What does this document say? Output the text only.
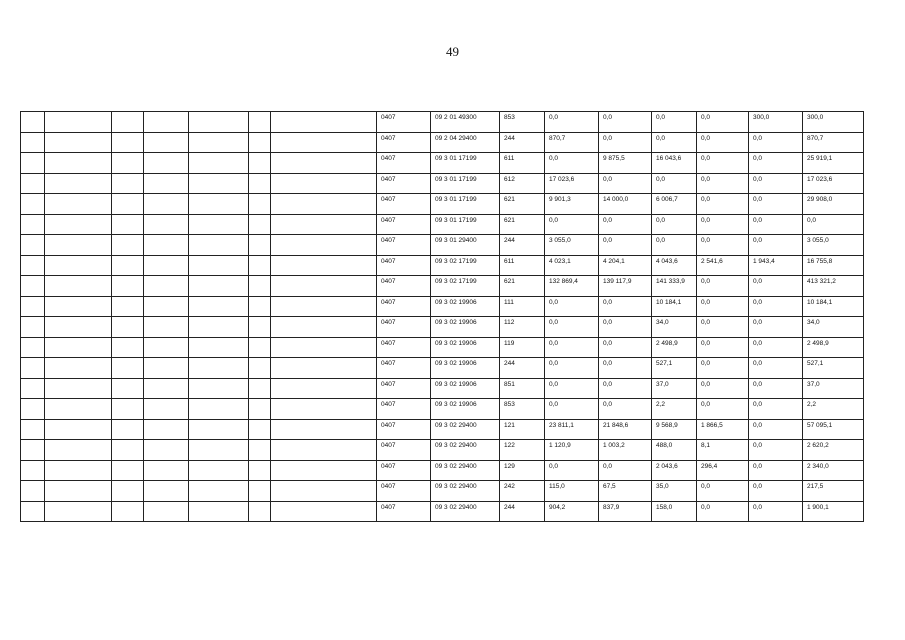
49
							0407	09 2 01 49300	853	0,0	0,0	0,0	0,0	300,0	300,0
							0407	09 2 04 29400	244	870,7	0,0	0,0	0,0	0,0	870,7
							0407	09 3 01 17199	611	0,0	9 875,5	16 043,6	0,0	0,0	25 919,1
							0407	09 3 01 17199	612	17 023,6	0,0	0,0	0,0	0,0	17 023,6
							0407	09 3 01 17199	621	9 901,3	14 000,0	6 006,7	0,0	0,0	29 908,0
							0407	09 3 01 17199	621	0,0	0,0	0,0	0,0	0,0	0,0
							0407	09 3 01 29400	244	3 055,0	0,0	0,0	0,0	0,0	3 055,0
							0407	09 3 02 17199	611	4 023,1	4 204,1	4 043,6	2 541,6	1 943,4	16 755,8
							0407	09 3 02 17199	621	132 869,4	139 117,9	141 333,9	0,0	0,0	413 321,2
							0407	09 3 02 19906	111	0,0	0,0	10 184,1	0,0	0,0	10 184,1
							0407	09 3 02 19906	112	0,0	0,0	34,0	0,0	0,0	34,0
							0407	09 3 02 19906	119	0,0	0,0	2 498,9	0,0	0,0	2 498,9
							0407	09 3 02 19906	244	0,0	0,0	527,1	0,0	0,0	527,1
							0407	09 3 02 19906	851	0,0	0,0	37,0	0,0	0,0	37,0
							0407	09 3 02 19906	853	0,0	0,0	2,2	0,0	0,0	2,2
							0407	09 3 02 29400	121	23 811,1	21 848,6	9 568,9	1 866,5	0,0	57 095,1
							0407	09 3 02 29400	122	1 120,9	1 003,2	488,0	8,1	0,0	2 620,2
							0407	09 3 02 29400	129	0,0	0,0	2 043,6	296,4	0,0	2 340,0
							0407	09 3 02 29400	242	115,0	67,5	35,0	0,0	0,0	217,5
							0407	09 3 02 29400	244	904,2	837,9	158,0	0,0	0,0	1 900,1
